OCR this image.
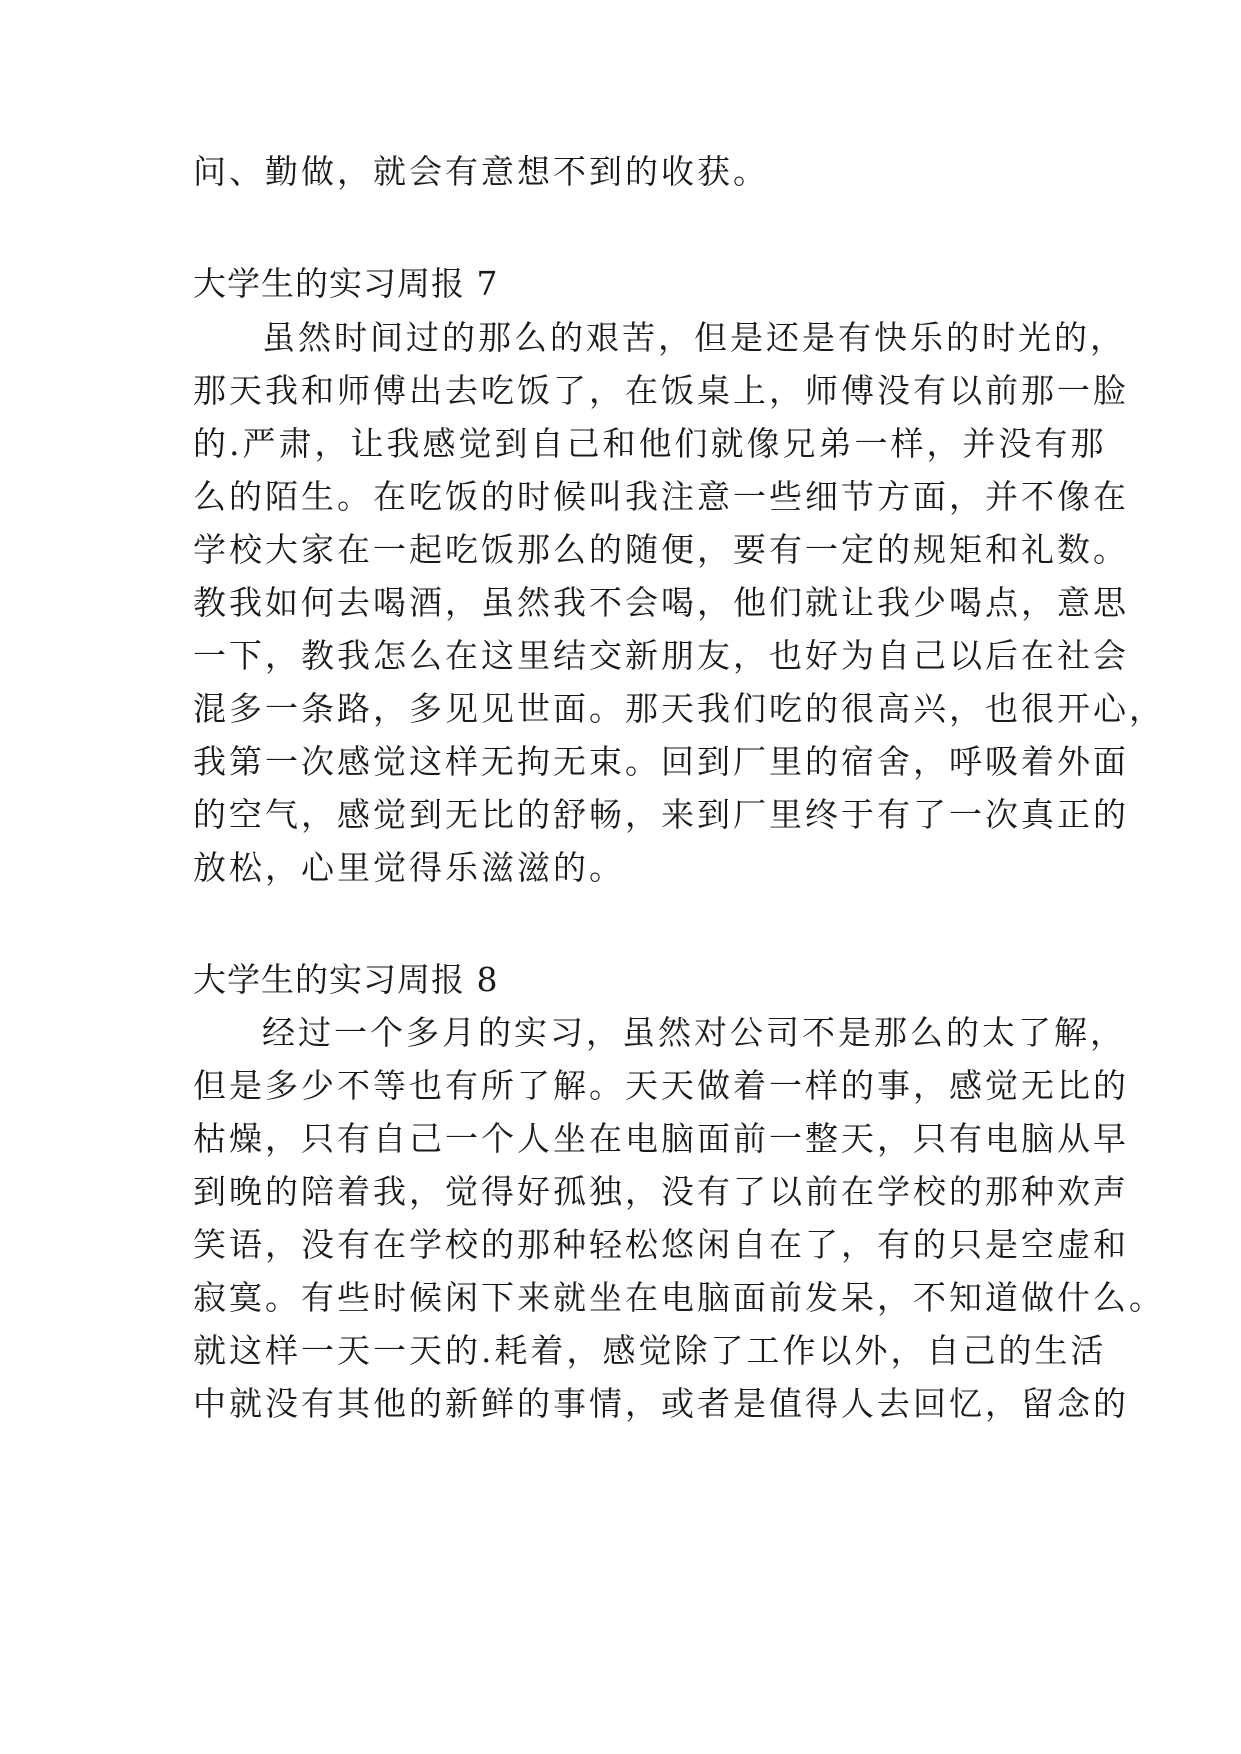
问、勤做，就会有意想不到的收获。
大学生的实习周报 7
虽然时间过的那么的艰苦，但是还是有快乐的时光的，
那天我和师傅出去吃饭了，在饭桌上，师傅没有以前那一脸
的.严肃，让我感觉到自己和他们就像兄弟一样，并没有那
么的陌生。在吃饭的时候叫我注意一些细节方面，并不像在
学校大家在一起吃饭那么的随便，要有一定的规矩和礼数。
教我如何去喝酒，虽然我不会喝，他们就让我少喝点，意思
一下，教我怎么在这里结交新朋友，也好为自己以后在社会
混多一条路，多见见世面。那天我们吃的很高兴，也很开心，
我第一次感觉这样无拘无束。回到厂里的宿舍，呼吸着外面
的空气，感觉到无比的舒畅，来到厂里终于有了一次真正的
放松，心里觉得乐滋滋的。
大学生的实习周报 8
经过一个多月的实习，虽然对公司不是那么的太了解，
但是多少不等也有所了解。天天做着一样的事，感觉无比的
枯燥，只有自己一个人坐在电脑面前一整天，只有电脑从早
到晚的陪着我，觉得好孤独，没有了以前在学校的那种欢声
笑语，没有在学校的那种轻松悠闲自在了，有的只是空虚和
寂寞。有些时候闲下来就坐在电脑面前发呆，不知道做什么。
就这样一天一天的.耗着，感觉除了工作以外，自己的生活
中就没有其他的新鲜的事情，或者是值得人去回忆，留念的
